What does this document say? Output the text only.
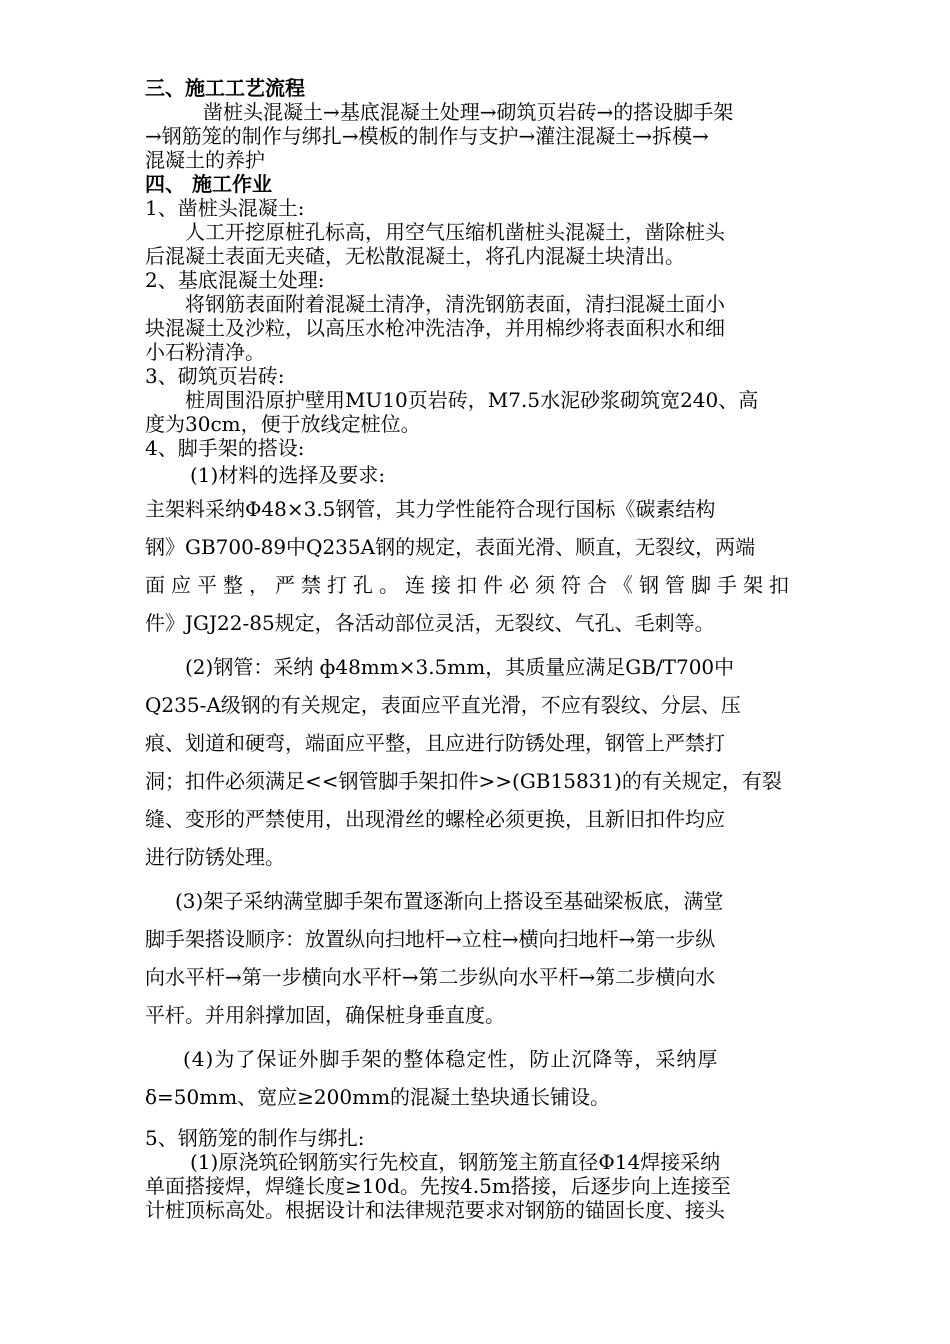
三、施工工艺流程
凿桩头混凝土→基底混凝土处理→砌筑页岩砖→的搭设脚手架
→钢筋笼的制作与绑扎→模板的制作与支护→灌注混凝土→拆模→
混凝土的养护
四、 施工作业
1、凿桩头混凝土:
人工开挖原桩孔标高，用空气压缩机凿桩头混凝土，凿除桩头
后混凝土表面无夹碴，无松散混凝土，将孔内混凝土块清出。
2、基底混凝土处理:
将钢筋表面附着混凝土清净，清洗钢筋表面，清扫混凝土面小
块混凝土及沙粒，以高压水枪冲洗洁净，并用棉纱将表面积水和细
小石粉清净。
3、砌筑页岩砖:
桩周围沿原护壁用MU10页岩砖，M7.5水泥砂浆砌筑宽240、高
度为30cm，便于放线定桩位。
4、脚手架的搭设:
(1)材料的选择及要求:
主架料采纳Φ48×3.5钢管，其力学性能符合现行国标《碳素结构
钢》GB700-89中Q235A钢的规定，表面光滑、顺直，无裂纹，两端
面应平整，严禁打孔。连接扣件必须符合《钢管脚手架扣
件》JGJ22-85规定，各活动部位灵活，无裂纹、气孔、毛刺等。
(2)钢管：采纳 ф48mm×3.5mm，其质量应满足GB/T700中
Q235-A级钢的有关规定，表面应平直光滑，不应有裂纹、分层、压
痕、划道和硬弯，端面应平整，且应进行防锈处理，钢管上严禁打
洞；扣件必须满足<<钢管脚手架扣件>>(GB15831)的有关规定，有裂
缝、变形的严禁使用，出现滑丝的螺栓必须更换，且新旧扣件均应
进行防锈处理。
(3)架子采纳满堂脚手架布置逐渐向上搭设至基础梁板底，满堂
脚手架搭设顺序：放置纵向扫地杆→立柱→横向扫地杆→第一步纵
向水平杆→第一步横向水平杆→第二步纵向水平杆→第二步横向水
平杆。并用斜撑加固，确保桩身垂直度。
(4)为了保证外脚手架的整体稳定性，防止沉降等，采纳厚
δ=50mm、宽应≥200mm的混凝土垫块通长铺设。
5、钢筋笼的制作与绑扎:
(1)原浇筑砼钢筋实行先校直，钢筋笼主筋直径Φ14焊接采纳
单面搭接焊，焊缝长度≥10d。先按4.5m搭接，后逐步向上连接至
计桩顶标高处。根据设计和法律规范要求对钢筋的锚固长度、接头
